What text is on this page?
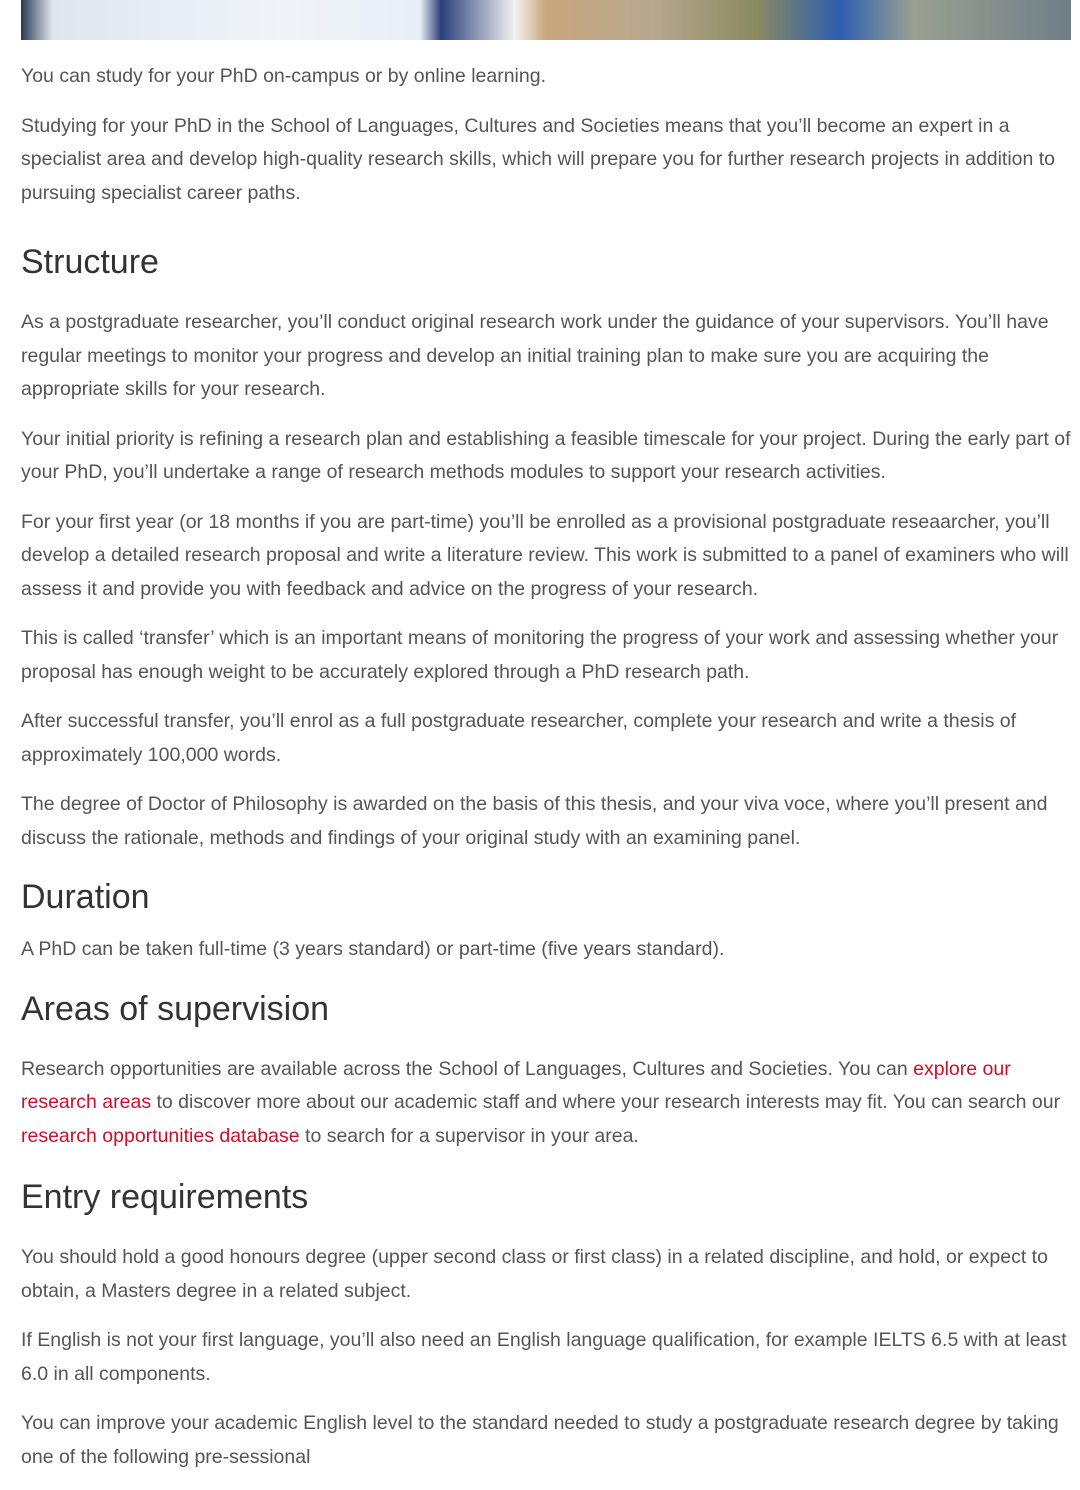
You can study for your PhD on-campus or by online learning.

Studying for your PhD in the School of Languages, Cultures and Societies means that you’ll become an expert in a specialist area and develop high-quality research skills, which will prepare you for further research projects in addition to pursuing specialist career paths.

Structure

As a postgraduate researcher, you’ll conduct original research work under the guidance of your supervisors. You’ll have regular meetings to monitor your progress and develop an initial training plan to make sure you are acquiring the appropriate skills for your research.

Your initial priority is refining a research plan and establishing a feasible timescale for your project. During the early part of your PhD, you’ll undertake a range of research methods modules to support your research activities.

For your first year (or 18 months if you are part-time) you’ll be enrolled as a provisional postgraduate reseaarcher, you’ll develop a detailed research proposal and write a literature review. This work is submitted to a panel of examiners who will assess it and provide you with feedback and advice on the progress of your research.

This is called ‘transfer’ which is an important means of monitoring the progress of your work and assessing whether your proposal has enough weight to be accurately explored through a PhD research path.

After successful transfer, you’ll enrol as a full postgraduate researcher, complete your research and write a thesis of approximately 100,000 words.

The degree of Doctor of Philosophy is awarded on the basis of this thesis, and your viva voce, where you’ll present and discuss the rationale, methods and findings of your original study with an examining panel.

Duration

A PhD can be taken full-time (3 years standard) or part-time (five years standard).

Areas of supervision

Research opportunities are available across the School of Languages, Cultures and Societies. You can explore our research areas to discover more about our academic staff and where your research interests may fit. You can search our research opportunities database to search for a supervisor in your area.

Entry requirements

You should hold a good honours degree (upper second class or first class) in a related discipline, and hold, or expect to obtain, a Masters degree in a related subject.

If English is not your first language, you’ll also need an English language qualification, for example IELTS 6.5 with at least 6.0 in all components.

You can improve your academic English level to the standard needed to study a postgraduate research degree by taking one of the following pre-sessional
